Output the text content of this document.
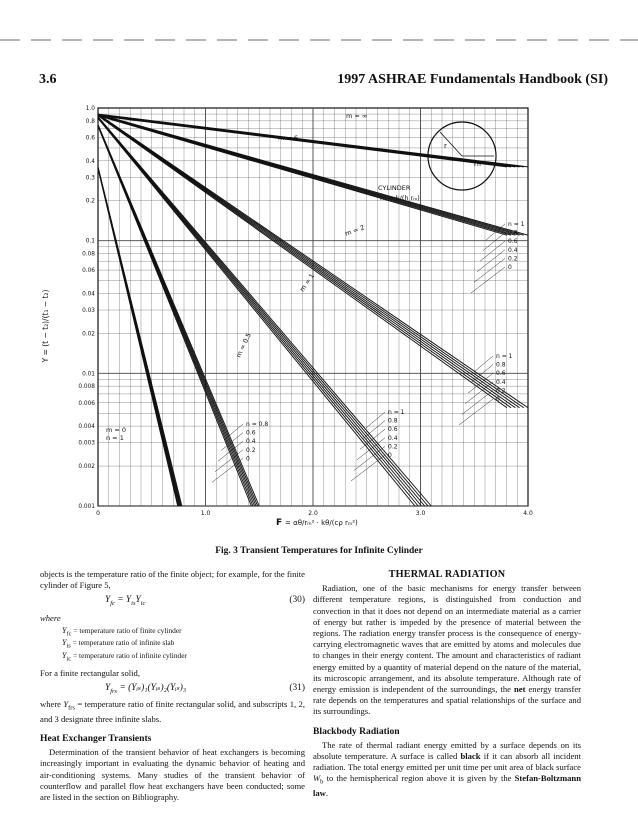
3.6	1997 ASHRAE Fundamentals Handbook (SI)
1.0
0.8
0.6
0.4
0.3
0.2
0.1
0.08
0.06
0.04
0.03
0.02
0.01
0.008
0.006
0.004
0.003
0.002
0.001
0	1.0	2.0	3.0	4.0
Y = (t − t₂)/(t₁ − t₂)
F = αθ/rₘ² · kθ/(cρ rₘ²)
r
rₘ
CYLINDER
m = k/(h rₘ)
m = ∞
m = 6
m = 2
m = 1
m = 0.5
m = 0
n = 1
n = 1
0.8
0.6
0.4
0.2
0
n = 1
0.8
0.6
0.4
0.2
0
n = 1
0.8
0.6
0.4
0.2
0
n = 0.8
0.6
0.4
0.2
0
Fig. 3 Transient Temperatures for Infinite Cylinder

objects is the temperature ratio of the finite object; for example, for the finite cylinder of Figure 5,

$Y_{fc} = Y_{is}Y_{ic}$	(30)
where
$Y_{fc}$ = temperature ratio of finite cylinder
$Y_{is}$ = temperature ratio of infinite slab
$Y_{ic}$ = temperature ratio of infinite cylinder

For a finite rectangular solid,

$Y_{frs}$ = (Yᵢₛ)₁(Yᵢₛ)₂(Yᵢₛ)₃	(31)

where $Y_{frs}$ = temperature ratio of finite rectangular solid, and subscripts 1, 2, and 3 designate three infinite slabs.

Heat Exchanger Transients

Determination of the transient behavior of heat exchangers is becoming increasingly important in evaluating the dynamic behavior of heating and air-conditioning systems. Many studies of the transient behavior of counterflow and parallel flow heat exchangers have been conducted; some are listed in the section on Bibliography.

THERMAL RADIATION

Radiation, one of the basic mechanisms for energy transfer between different temperature regions, is distinguished from conduction and convection in that it does not depend on an intermediate material as a carrier of energy but rather is impeded by the presence of material between the regions. The radiation energy transfer process is the consequence of energy-carrying electromagnetic waves that are emitted by atoms and molecules due to changes in their energy content. The amount and characteristics of radiant energy emitted by a quantity of material depend on the nature of the material, its microscopic arrangement, and its absolute temperature. Although rate of energy emission is independent of the surroundings, the net energy transfer rate depends on the temperatures and spatial relationships of the surface and its surroundings.

Blackbody Radiation

The rate of thermal radiant energy emitted by a surface depends on its absolute temperature. A surface is called black if it can absorb all incident radiation. The total energy emitted per unit time per unit area of black surface $W_b$ to the hemispherical region above it is given by the Stefan-Boltzmann law.
